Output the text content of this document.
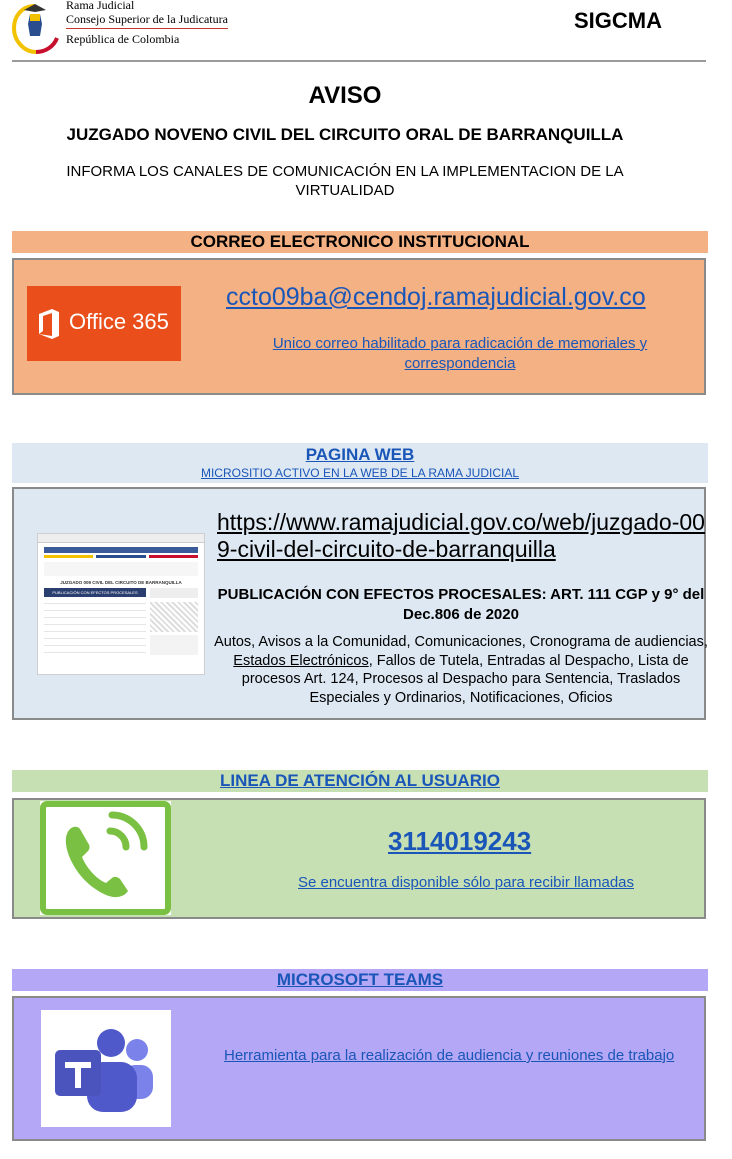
Rama Judicial
Consejo Superior de la Judicatura
República de Colombia
SIGCMA
AVISO
JUZGADO NOVENO CIVIL DEL CIRCUITO ORAL DE BARRANQUILLA
INFORMA LOS CANALES DE COMUNICACIÓN EN LA IMPLEMENTACION DE LA VIRTUALIDAD
CORREO ELECTRONICO INSTITUCIONAL
Office 365
ccto09ba@cendoj.ramajudicial.gov.co
Unico correo habilitado para radicación de memoriales y correspondencia
PAGINA WEB
MICROSITIO ACTIVO EN LA WEB DE LA RAMA JUDICIAL
JUZGADO 009 CIVIL DEL CIRCUITO DE BARRANQUILLA
PUBLICACIÓN CON EFECTOS PROCESALES
https://www.ramajudicial.gov.co/web/juzgado-009-civil-del-circuito-de-barranquilla
PUBLICACIÓN CON EFECTOS PROCESALES: ART. 111 CGP y 9° del Dec.806 de 2020
Autos, Avisos a la Comunidad, Comunicaciones, Cronograma de audiencias, Estados Electrónicos, Fallos de Tutela, Entradas al Despacho, Lista de procesos Art. 124, Procesos al Despacho para Sentencia, Traslados Especiales y Ordinarios, Notificaciones, Oficios
LINEA DE ATENCIÓN AL USUARIO
3114019243
Se encuentra disponible sólo para recibir llamadas
MICROSOFT TEAMS
Herramienta para la realización de audiencia y reuniones de trabajo
